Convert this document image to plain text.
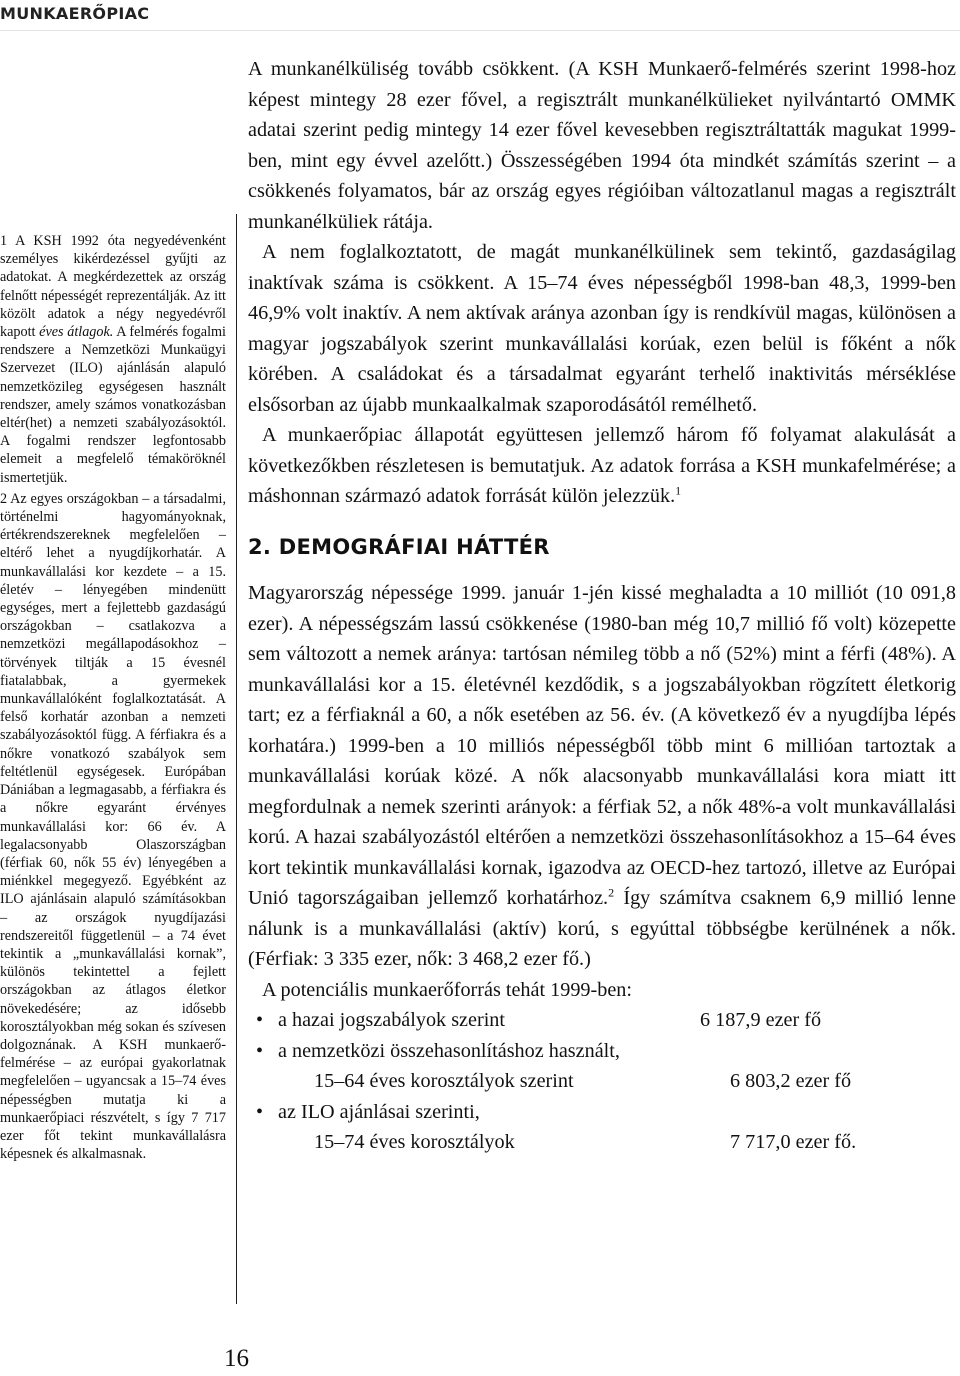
MUNKAERŐPIAC

1 A KSH 1992 óta negyedévenként személyes kikérdezéssel gyűjti az adatokat. A megkérdezettek az ország felnőtt népességét reprezentálják. Az itt közölt adatok a négy negyedévről kapott éves átlagok. A felmérés fogalmi rendszere a Nemzetközi Munkaügyi Szervezet (ILO) ajánlásán alapuló nemzetközileg egységesen használt rendszer, amely számos vonatkozásban eltér(het) a nemzeti szabályozásoktól. A fogalmi rendszer legfontosabb elemeit a megfelelő témaköröknél ismertetjük.

2 Az egyes országokban – a társadalmi, történelmi hagyományoknak, értékrendszereknek megfelelően – eltérő lehet a nyugdíjkorhatár. A munkavállalási kor kezdete – a 15. életév – lényegében mindenütt egységes, mert a fejlettebb gazdaságú országokban – csatlakozva a nemzetközi megállapodásokhoz – törvények tiltják a 15 évesnél fiatalabbak, a gyermekek munkavállalóként foglalkoztatását. A felső korhatár azonban a nemzeti szabályozásoktól függ. A férfiakra és a nőkre vonatkozó szabályok sem feltétlenül egységesek. Európában Dániában a legmagasabb, a férfiakra és a nőkre egyaránt érvényes munkavállalási kor: 66 év. A legalacsonyabb Olaszországban (férfiak 60, nők 55 év) lényegében a miénkkel megegyező. Egyébként az ILO ajánlásain alapuló számításokban – az országok nyugdíjazási rendszereitől függetlenül – a 74 évet tekintik a „munkavállalási kornak”, különös tekintettel a fejlett országokban az átlagos életkor növekedésére; az idősebb korosztályokban még sokan és szívesen dolgoznának. A KSH munkaerő-felmérése – az európai gyakorlatnak megfelelően – ugyancsak a 15–74 éves népességben mutatja ki a munkaerőpiaci részvételt, s így 7 717 ezer főt tekint munkavállalásra képesnek és alkalmasnak.

A munkanélküliség tovább csökkent. (A KSH Munkaerő-felmérés szerint 1998-hoz képest mintegy 28 ezer fővel, a regisztrált munkanélkülieket nyilvántartó OMMK adatai szerint pedig mintegy 14 ezer fővel kevesebben regisztráltatták magukat 1999-ben, mint egy évvel azelőtt.) Összességében 1994 óta mindkét számítás szerint – a csökkenés folyamatos, bár az ország egyes régióiban változatlanul magas a regisztrált munkanélküliek rátája.

A nem foglalkoztatott, de magát munkanélkülinek sem tekintő, gazdaságilag inaktívak száma is csökkent. A 15–74 éves népességből 1998-ban 48,3, 1999-ben 46,9% volt inaktív. A nem aktívak aránya azonban így is rendkívül magas, különösen a magyar jogszabályok szerint munkavállalási korúak, ezen belül is főként a nők körében. A családokat és a társadalmat egyaránt terhelő inaktivitás mérséklése elsősorban az újabb munkaalkalmak szaporodásától remélhető.

A munkaerőpiac állapotát együttesen jellemző három fő folyamat alakulását a következőkben részletesen is bemutatjuk. Az adatok forrása a KSH munkafelmérése; a máshonnan származó adatok forrását külön jelezzük.$^1$

2. DEMOGRÁFIAI HÁTTÉR

Magyarország népessége 1999. január 1-jén kissé meghaladta a 10 milliót (10 091,8 ezer). A népességszám lassú csökkenése (1980-ban még 10,7 millió fő volt) közepette sem változott a nemek aránya: tartósan némileg több a nő (52%) mint a férfi (48%). A munkavállalási kor a 15. életévnél kezdődik, s a jogszabályokban rögzített életkorig tart; ez a férfiaknál a 60, a nők esetében az 56. év. (A következő év a nyugdíjba lépés korhatára.) 1999-ben a 10 milliós népességből több mint 6 millióan tartoztak a munkavállalási korúak közé. A nők alacsonyabb munkavállalási kora miatt itt megfordulnak a nemek szerinti arányok: a férfiak 52, a nők 48%-a volt munkavállalási korú. A hazai szabályozástól eltérően a nemzetközi összehasonlításokhoz a 15–64 éves kort tekintik munkavállalási kornak, igazodva az OECD-hez tartozó, illetve az Európai Unió tagországaiban jellemző korhatárhoz.$^2$ Így számítva csaknem 6,9 millió lenne nálunk is a munkavállalási (aktív) korú, s egyúttal többségbe kerülnének a nők. (Férfiak: 3 335 ezer, nők: 3 468,2 ezer fő.)

A potenciális munkaerőforrás tehát 1999-ben:

• a hazai jogszabályok szerint	6 187,9 ezer fő
• a nemzetközi összehasonlításhoz használt,
15–64 éves korosztályok szerint	6 803,2 ezer fő
• az ILO ajánlásai szerinti,
15–74 éves korosztályok	7 717,0 ezer fő.
16
